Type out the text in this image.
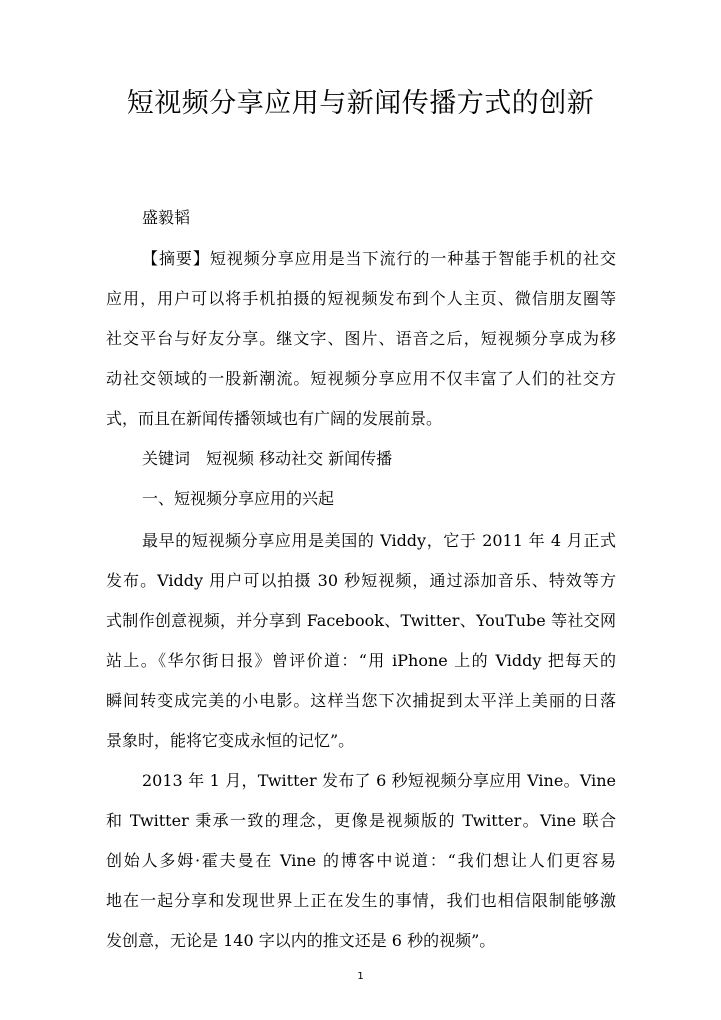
短视频分享应用与新闻传播方式的创新
盛毅韬
【摘要】短视频分享应用是当下流行的一种基于智能手机的社交
应用，用户可以将手机拍摄的短视频发布到个人主页、微信朋友圈等
社交平台与好友分享。继文字、图片、语音之后，短视频分享成为移
动社交领域的一股新潮流。短视频分享应用不仅丰富了人们的社交方
式，而且在新闻传播领域也有广阔的发展前景。
关键词　短视频 移动社交 新闻传播
一、短视频分享应用的兴起
最早的短视频分享应用是美国的 Viddy，它于 2011 年 4 月正式
发布。Viddy 用户可以拍摄 30 秒短视频，通过添加音乐、特效等方
式制作创意视频，并分享到 Facebook、Twitter、YouTube 等社交网
站上。《华尔街日报》曾评价道：“用 iPhone 上的 Viddy 把每天的
瞬间转变成完美的小电影。这样当您下次捕捉到太平洋上美丽的日落
景象时，能将它变成永恒的记忆”。
2013 年 1 月，Twitter 发布了 6 秒短视频分享应用 Vine。Vine
和 Twitter 秉承一致的理念，更像是视频版的 Twitter。Vine 联合
创始人多姆·霍夫曼在 Vine 的博客中说道：“我们想让人们更容易
地在一起分享和发现世界上正在发生的事情，我们也相信限制能够激
发创意，无论是 140 字以内的推文还是 6 秒的视频”。
1
